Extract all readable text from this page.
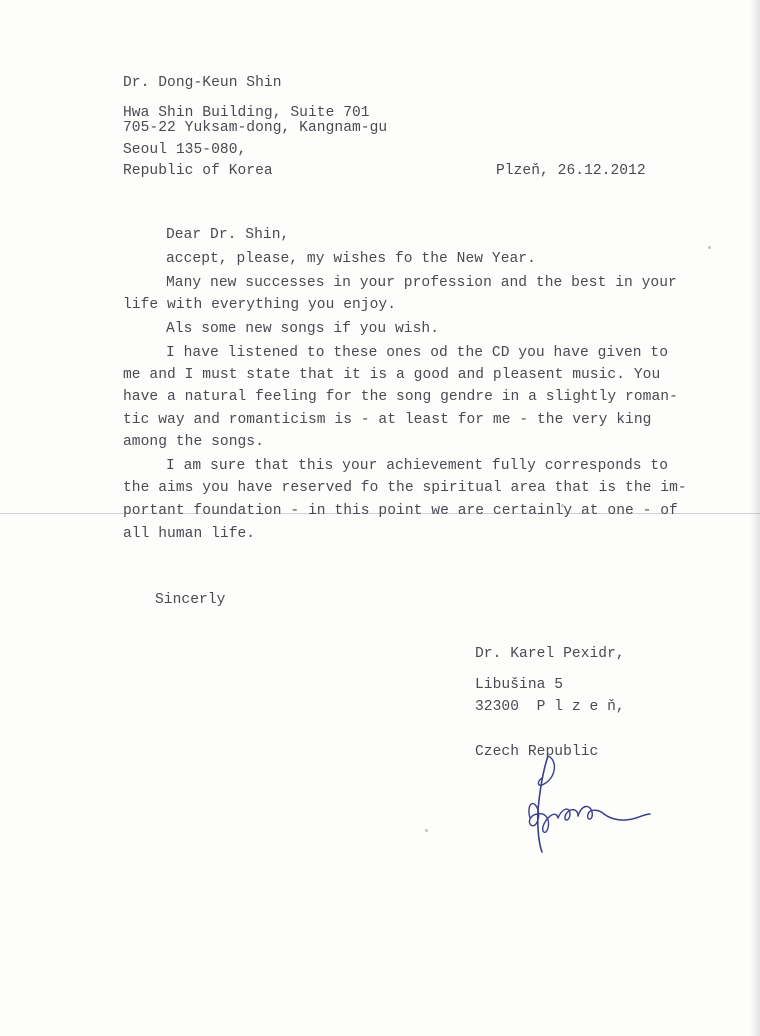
Dr. Dong-Keun Shin
Hwa Shin Building, Suite 701
705-22 Yuksam-dong, Kangnam-gu
Seoul 135-080,
Republic of Korea	Plzeň, 26.12.2012
Dear Dr. Shin,
accept, please, my wishes fo the New Year.
Many new successes in your profession and the best in your
life with everything you enjoy.
Als some new songs if you wish.
I have listened to these ones od the CD you have given to
me and I must state that it is a good and pleasent music. You
have a natural feeling for the song gendre in a slightly roman-
tic way and romanticism is - at least for me - the very king
among the songs.
I am sure that this your achievement fully corresponds to
the aims you have reserved fo the spiritual area that is the im-
portant foundation - in this point we are certainly at one - of
all human life.
Sincerly
Dr. Karel Pexidr,
Libušina 5
32300  P l z e ň,
Czech Republic
